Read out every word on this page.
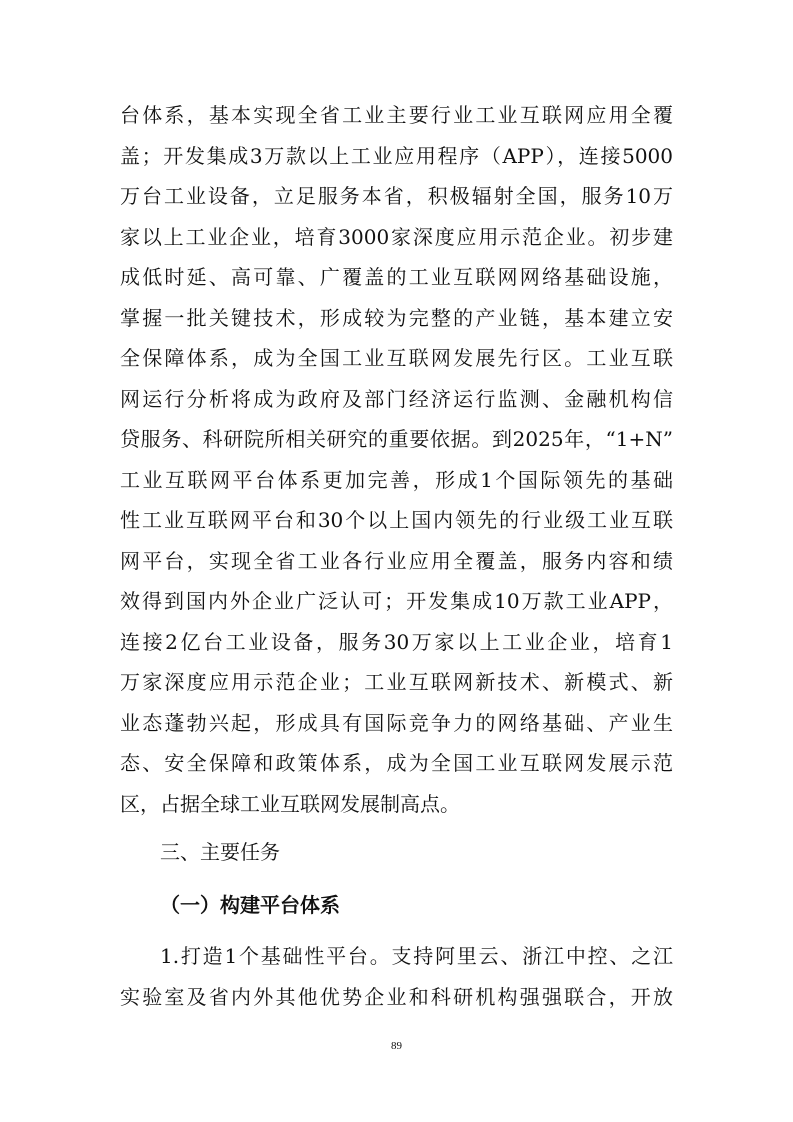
台体系，基本实现全省工业主要行业工业互联网应用全覆
盖；开发集成3万款以上工业应用程序（APP），连接5000
万台工业设备，立足服务本省，积极辐射全国，服务10万
家以上工业企业，培育3000家深度应用示范企业。初步建
成低时延、高可靠、广覆盖的工业互联网网络基础设施，
掌握一批关键技术，形成较为完整的产业链，基本建立安
全保障体系，成为全国工业互联网发展先行区。工业互联
网运行分析将成为政府及部门经济运行监测、金融机构信
贷服务、科研院所相关研究的重要依据。到2025年，“1+N”
工业互联网平台体系更加完善，形成1个国际领先的基础
性工业互联网平台和30个以上国内领先的行业级工业互联
网平台，实现全省工业各行业应用全覆盖，服务内容和绩
效得到国内外企业广泛认可；开发集成10万款工业APP，
连接2亿台工业设备，服务30万家以上工业企业，培育1
万家深度应用示范企业；工业互联网新技术、新模式、新
业态蓬勃兴起，形成具有国际竞争力的网络基础、产业生
态、安全保障和政策体系，成为全国工业互联网发展示范
区，占据全球工业互联网发展制高点。
三、主要任务
（一）构建平台体系
1.打造1个基础性平台。支持阿里云、浙江中控、之江
实验室及省内外其他优势企业和科研机构强强联合，开放
89
